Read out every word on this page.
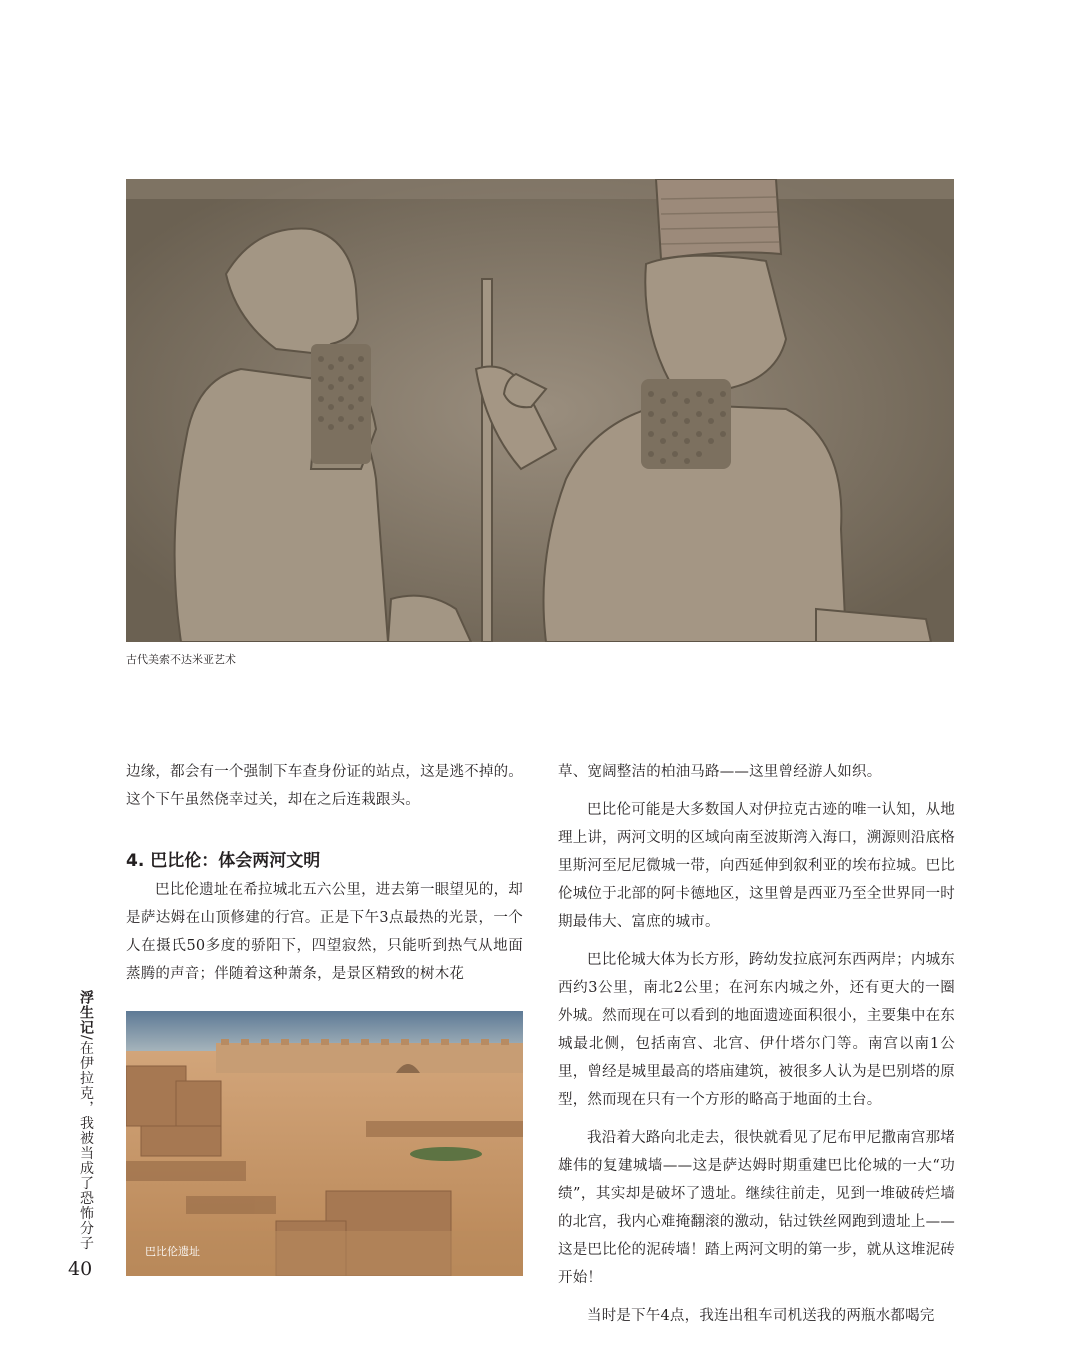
古代美索不达米亚艺术

边缘，都会有一个强制下车查身份证的站点，这是逃不掉的。这个下午虽然侥幸过关，却在之后连栽跟头。

4. 巴比伦：体会两河文明

巴比伦遗址在希拉城北五六公里，进去第一眼望见的，却是萨达姆在山顶修建的行宫。正是下午3点最热的光景，一个人在摄氏50多度的骄阳下，四望寂然，只能听到热气从地面蒸腾的声音；伴随着这种萧条，是景区精致的树木花

巴比伦遗址

草、宽阔整洁的柏油马路——这里曾经游人如织。

巴比伦可能是大多数国人对伊拉克古迹的唯一认知，从地理上讲，两河文明的区域向南至波斯湾入海口，溯源则沿底格里斯河至尼尼微城一带，向西延伸到叙利亚的埃布拉城。巴比伦城位于北部的阿卡德地区，这里曾是西亚乃至全世界同一时期最伟大、富庶的城市。

巴比伦城大体为长方形，跨幼发拉底河东西两岸；内城东西约3公里，南北2公里；在河东内城之外，还有更大的一圈外城。然而现在可以看到的地面遗迹面积很小，主要集中在东城最北侧，包括南宫、北宫、伊什塔尔门等。南宫以南1公里，曾经是城里最高的塔庙建筑，被很多人认为是巴别塔的原型，然而现在只有一个方形的略高于地面的土台。

我沿着大路向北走去，很快就看见了尼布甲尼撒南宫那堵雄伟的复建城墙——这是萨达姆时期重建巴比伦城的一大“功绩”，其实却是破坏了遗址。继续往前走，见到一堆破砖烂墙的北宫，我内心难掩翻滚的激动，钻过铁丝网跑到遗址上——这是巴比伦的泥砖墙！踏上两河文明的第一步，就从这堆泥砖开始！

当时是下午4点，我连出租车司机送我的两瓶水都喝完

浮生记/在伊拉克，我被当成了恐怖分子
40
